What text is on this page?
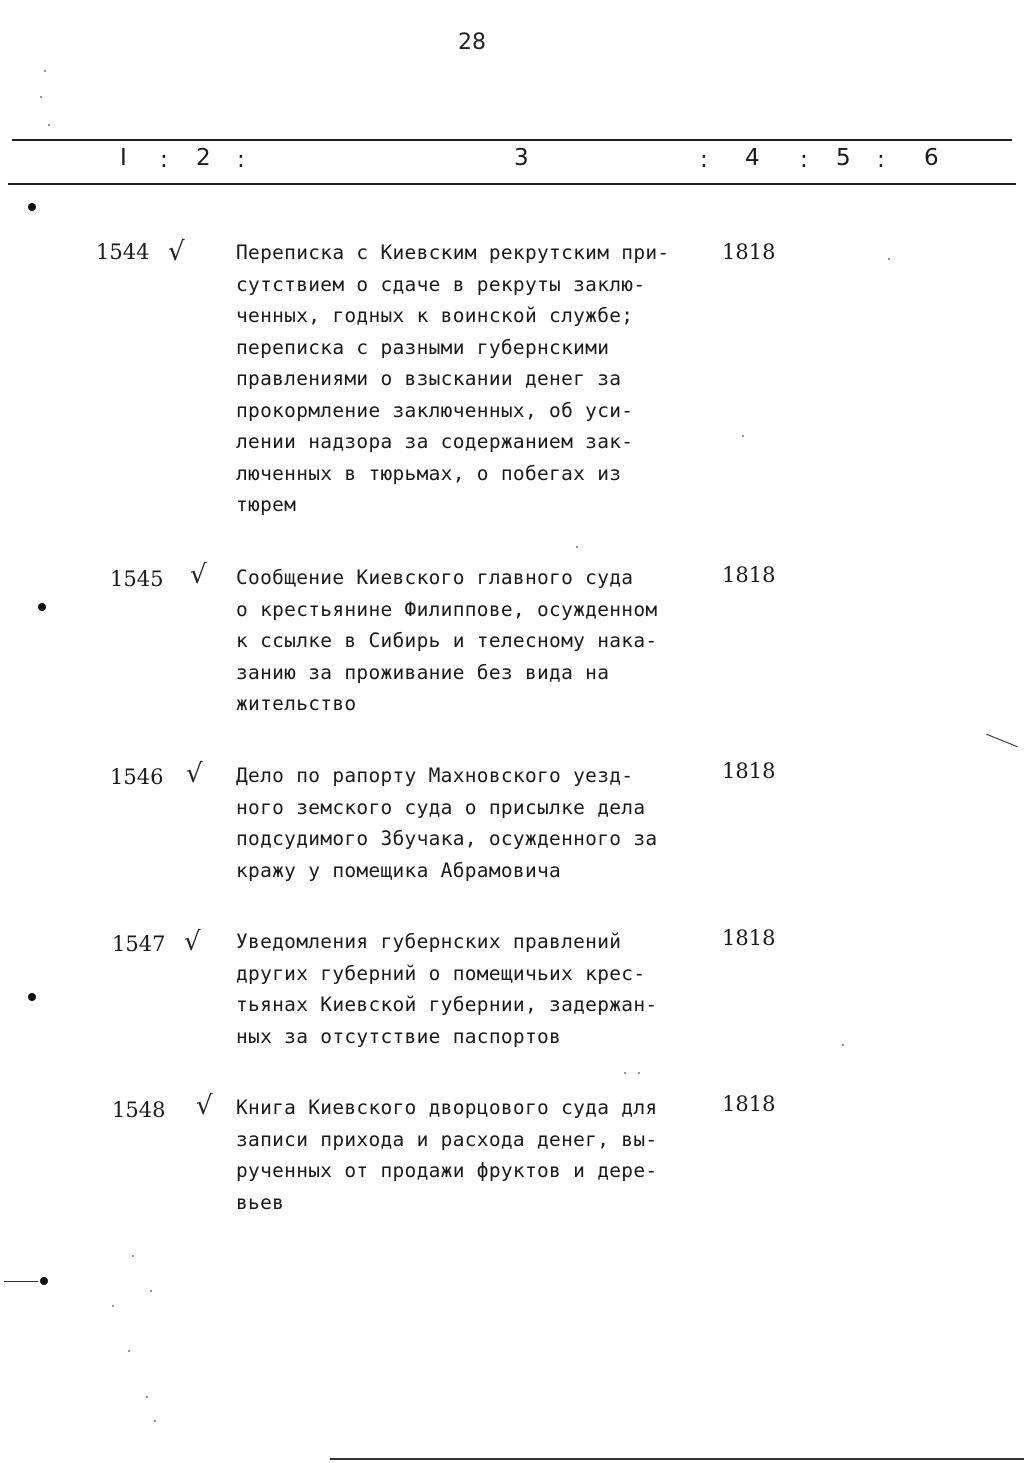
28
I : 2 :	3	: 4 : 5 : 6
1544 √	Переписка с Киевским рекрутским при-
сутствием о сдаче в рекруты заклю-
ченных, годных к воинской службе;
переписка с разными губернскими
правлениями о взыскании денег за
прокормление заключенных, об уси-
лении надзора за содержанием зак-
люченных в тюрьмах, о побегах из
тюрем
1818
1545 √ Сообщение Киевского главного суда
о крестьянине Филиппове, осужденном
к ссылке в Сибирь и телесному нака-
занию за проживание без вида на
жительство
1818
1546 √ Дело по рапорту Махновского уезд-
ного земского суда о присылке дела
подсудимого Збучака, осужденного за
кражу у помещика Абрамовича
1818
1547 √ Уведомления губернских правлений
других губерний о помещичьих крес-
тьянах Киевской губернии, задержан-
ных за отсутствие паспортов
1818
1548 √ Книга Киевского дворцового суда для
записи прихода и расхода денег, вы-
рученных от продажи фруктов и дере-
вьев
1818
